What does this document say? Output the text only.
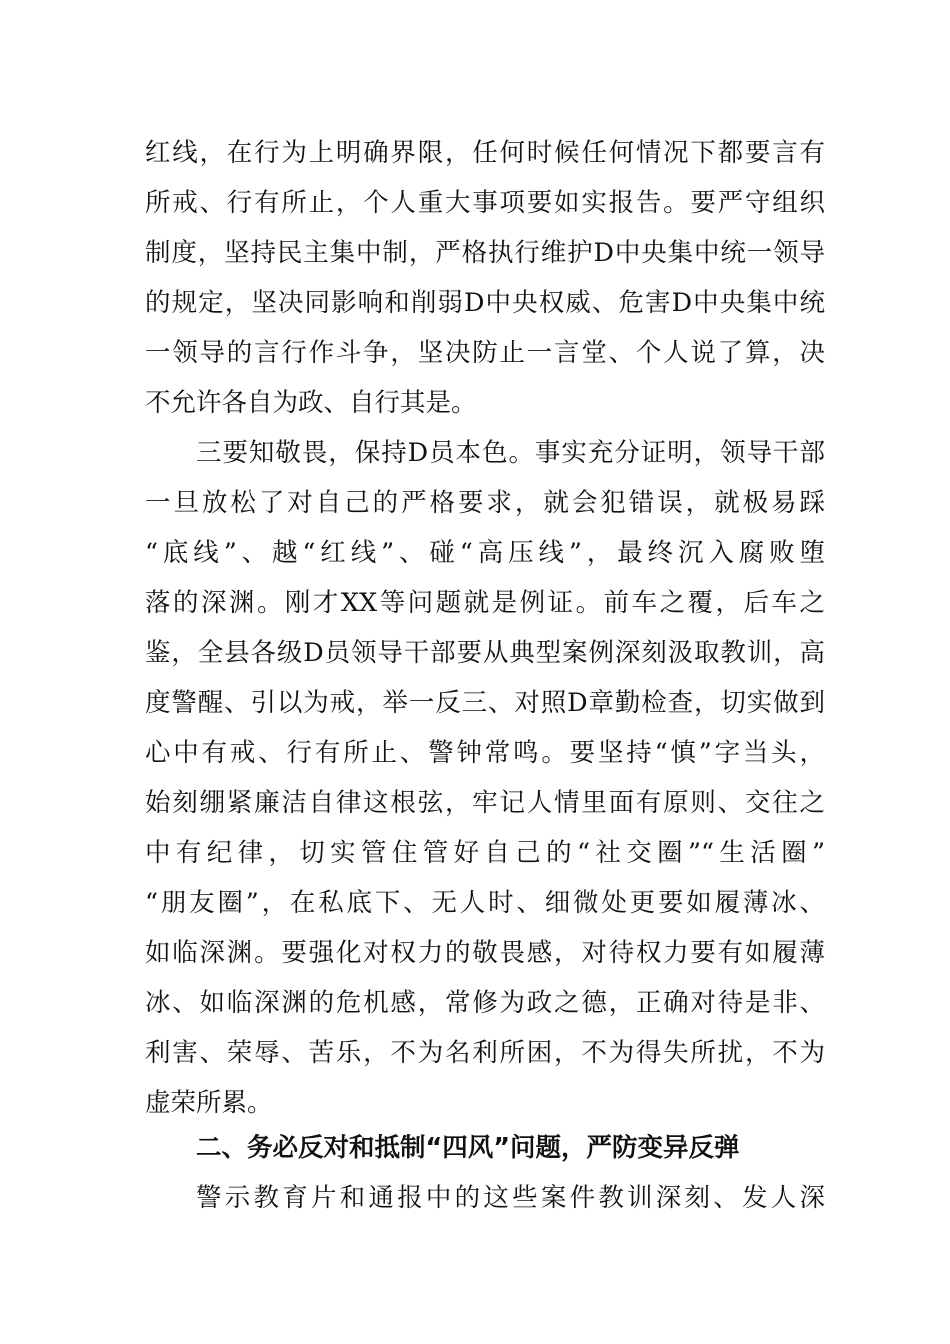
红线，在行为上明确界限，任何时候任何情况下都要言有
所戒、行有所止，个人重大事项要如实报告。要严守组织
制度，坚持民主集中制，严格执行维护D中央集中统一领导
的规定，坚决同影响和削弱D中央权威、危害D中央集中统
一领导的言行作斗争，坚决防止一言堂、个人说了算，决
不允许各自为政、自行其是。
三要知敬畏，保持D员本色。事实充分证明，领导干部
一旦放松了对自己的严格要求，就会犯错误，就极易踩
“底线”、越“红线”、碰“高压线”，最终沉入腐败堕
落的深渊。刚才XX等问题就是例证。前车之覆，后车之
鉴，全县各级D员领导干部要从典型案例深刻汲取教训，高
度警醒、引以为戒，举一反三、对照D章勤检查，切实做到
心中有戒、行有所止、警钟常鸣。要坚持“慎”字当头，
始刻绷紧廉洁自律这根弦，牢记人情里面有原则、交往之
中有纪律，切实管住管好自己的“社交圈”“生活圈”
“朋友圈”，在私底下、无人时、细微处更要如履薄冰、
如临深渊。要强化对权力的敬畏感，对待权力要有如履薄
冰、如临深渊的危机感，常修为政之德，正确对待是非、
利害、荣辱、苦乐，不为名利所困，不为得失所扰，不为
虚荣所累。
二、务必反对和抵制“四风”问题，严防变异反弹
警示教育片和通报中的这些案件教训深刻、发人深
